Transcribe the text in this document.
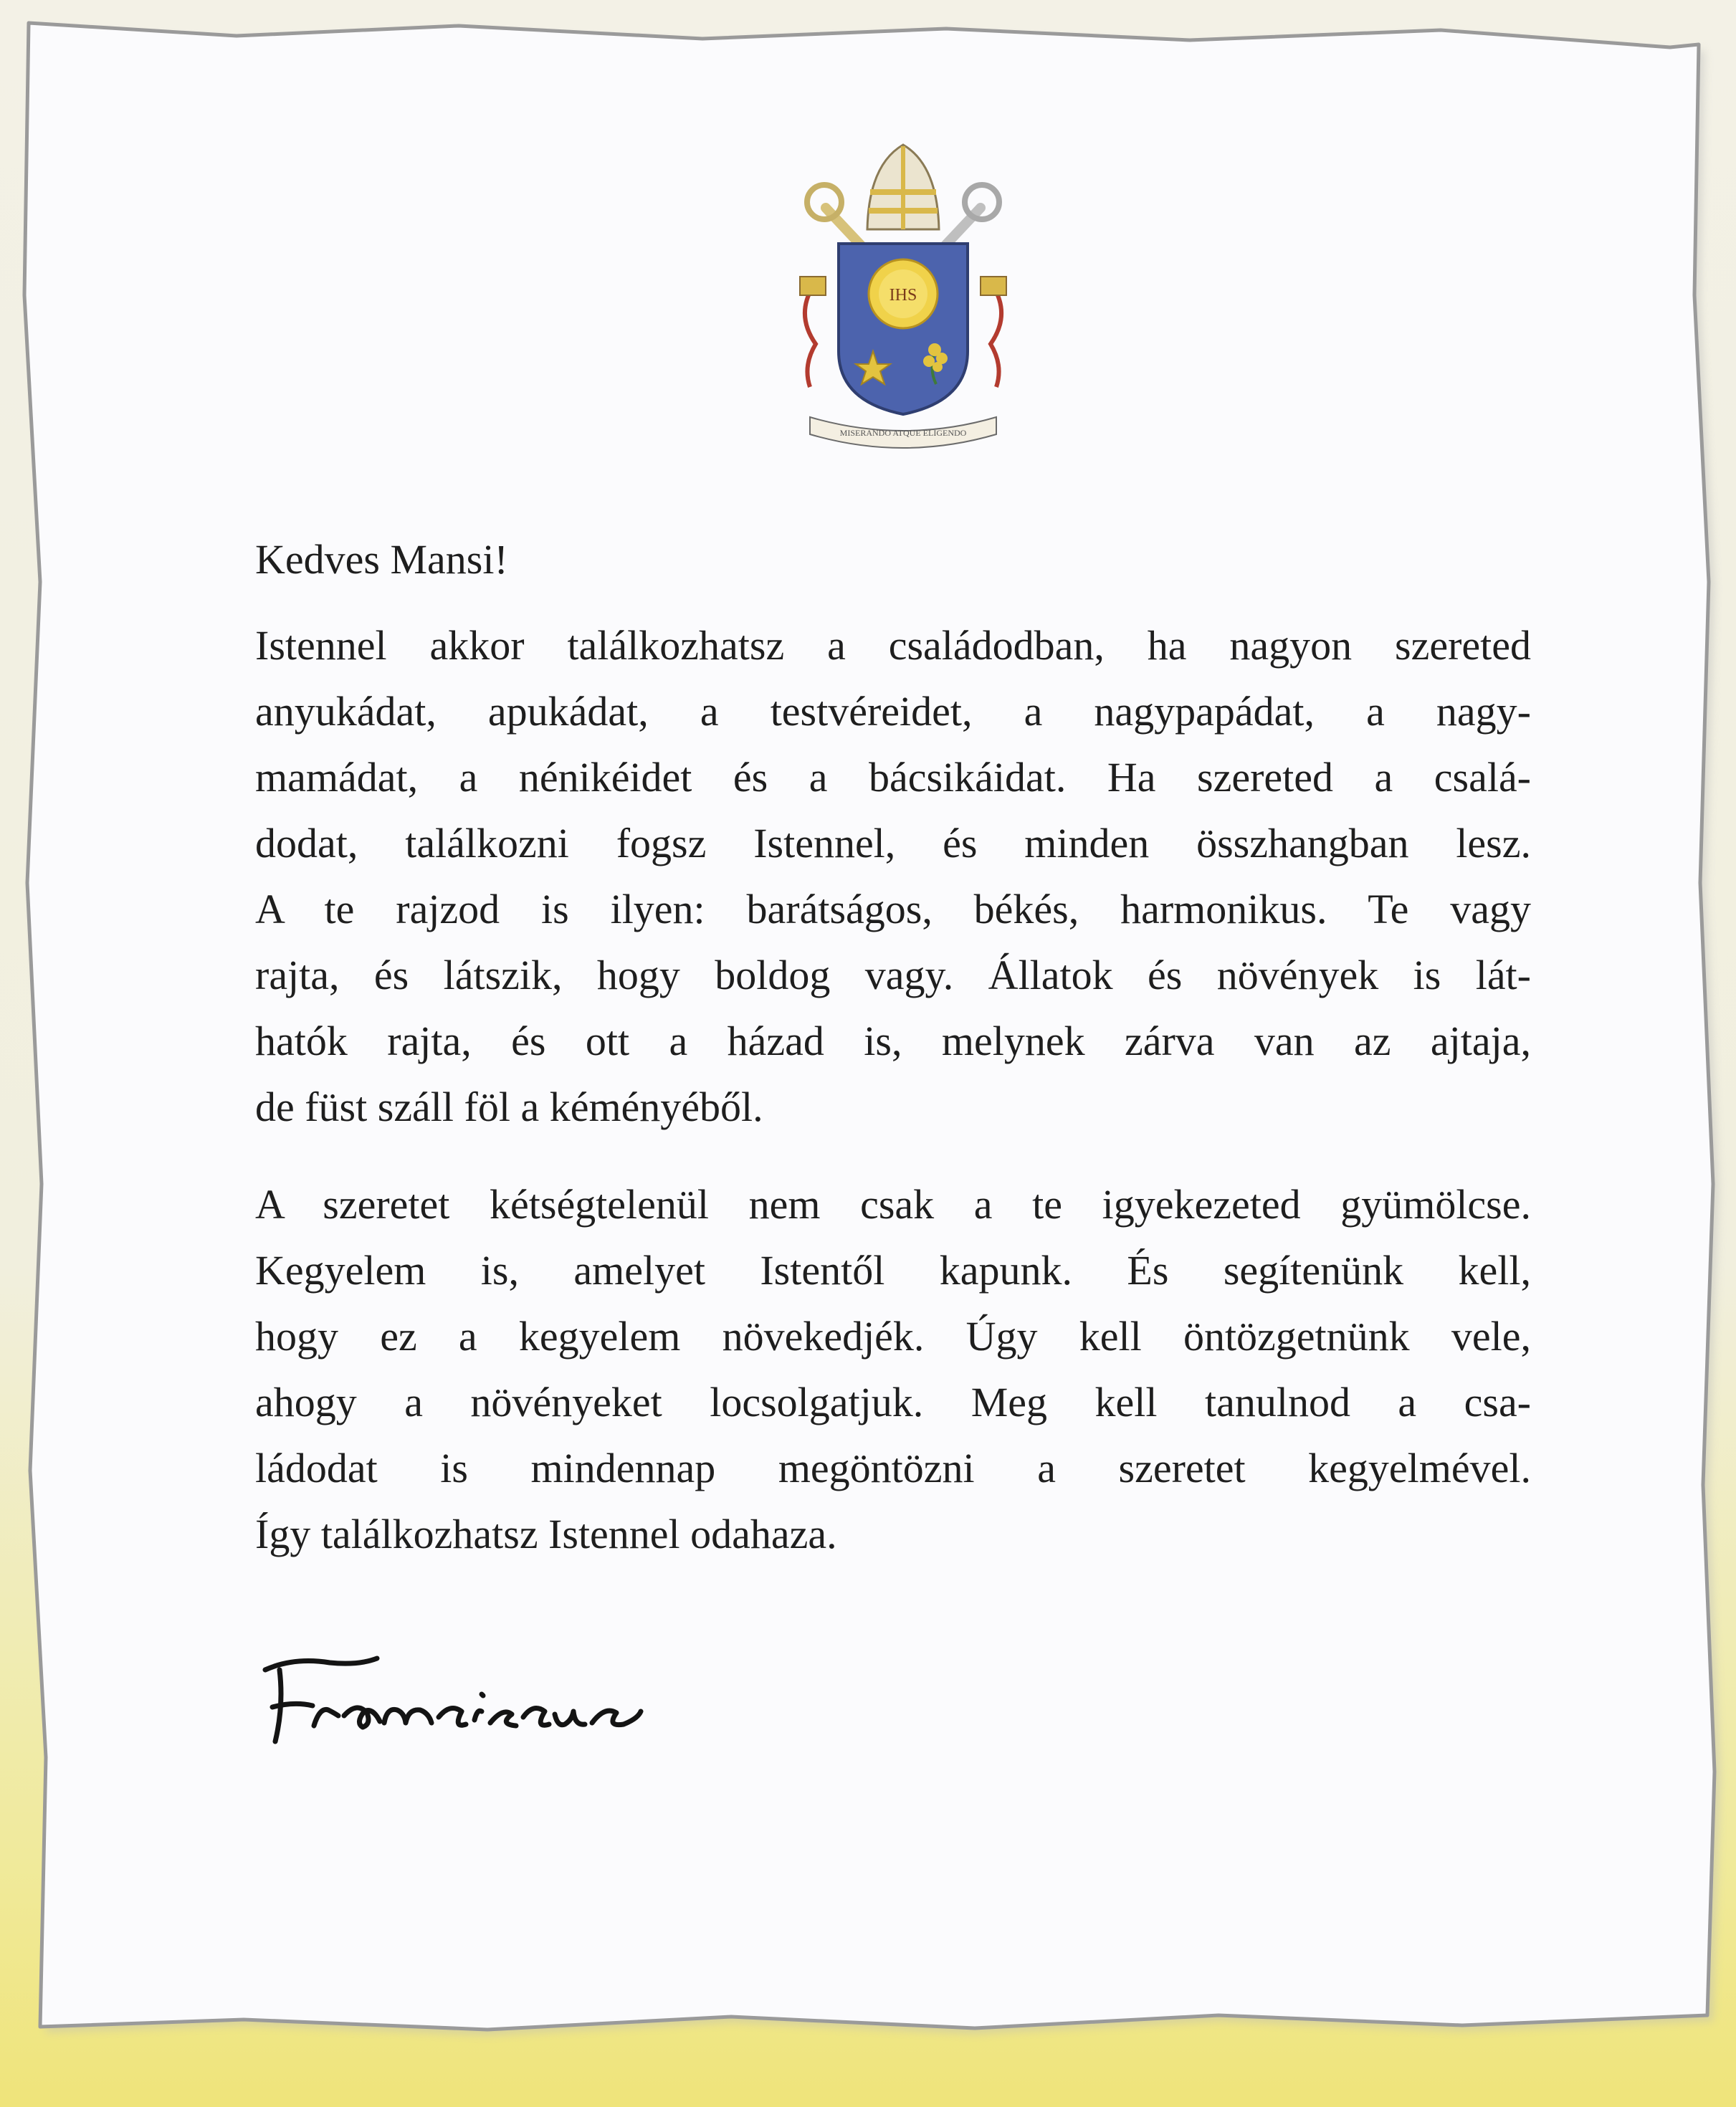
IHS
MISERANDO ATQUE ELIGENDO

Kedves Mansi!

Istennel akkor találkozhatsz a családodban, ha nagyon szereted
anyukádat, apukádat, a testvéreidet, a nagypapádat, a nagy-
mamádat, a nénikéidet és a bácsikáidat. Ha szereted a csalá-
dodat, találkozni fogsz Istennel, és minden összhangban lesz.
A te rajzod is ilyen: barátságos, békés, harmonikus. Te vagy
rajta, és látszik, hogy boldog vagy. Állatok és növények is lát-
hatók rajta, és ott a házad is, melynek zárva van az ajtaja,
de füst száll föl a kéményéből.

A szeretet kétségtelenül nem csak a te igyekezeted gyümölcse.
Kegyelem is, amelyet Istentől kapunk. És segítenünk kell,
hogy ez a kegyelem növekedjék. Úgy kell öntözgetnünk vele,
ahogy a növényeket locsolgatjuk. Meg kell tanulnod a csa-
ládodat is mindennap megöntözni a szeretet kegyelmével.
Így találkozhatsz Istennel odahaza.
